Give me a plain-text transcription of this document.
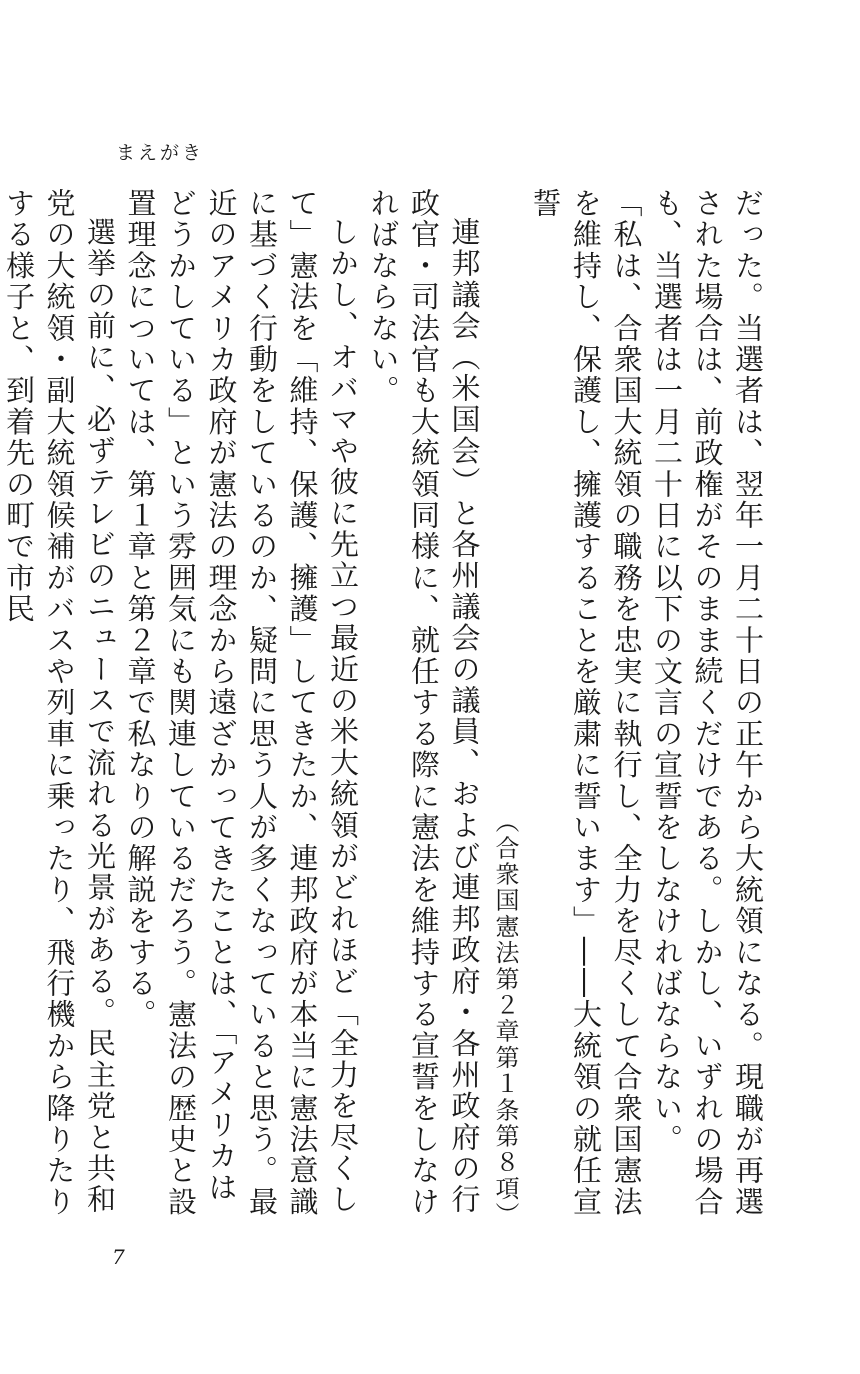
まえがき

だった。当選者は、翌年一月二十日の正午から大統領になる。現職が再選された場合は、前政権がそのまま続くだけである。しかし、いずれの場合も、当選者は一月二十日に以下の文言の宣誓をしなければならない。

「私は、合衆国大統領の職務を忠実に執行し、全力を尽くして合衆国憲法を維持し、保護し、擁護することを厳粛に誓います」――大統領の就任宣誓

（合衆国憲法第２章第１条第８項）

連邦議会（米国会）と各州議会の議員、および連邦政府・各州政府の行政官・司法官も大統領同様に、就任する際に憲法を維持する宣誓をしなければならない。

しかし、オバマや彼に先立つ最近の米大統領がどれほど「全力を尽くして」憲法を「維持、保護、擁護」してきたか、連邦政府が本当に憲法意識に基づく行動をしているのか、疑問に思う人が多くなっていると思う。最近のアメリカ政府が憲法の理念から遠ざかってきたことは、「アメリカはどうかしている」という雰囲気にも関連しているだろう。憲法の歴史と設置理念については、第１章と第２章で私なりの解説をする。

選挙の前に、必ずテレビのニュースで流れる光景がある。民主党と共和党の大統領・副大統領候補がバスや列車に乗ったり、飛行機から降りたりする様子と、到着先の町で市民

7
